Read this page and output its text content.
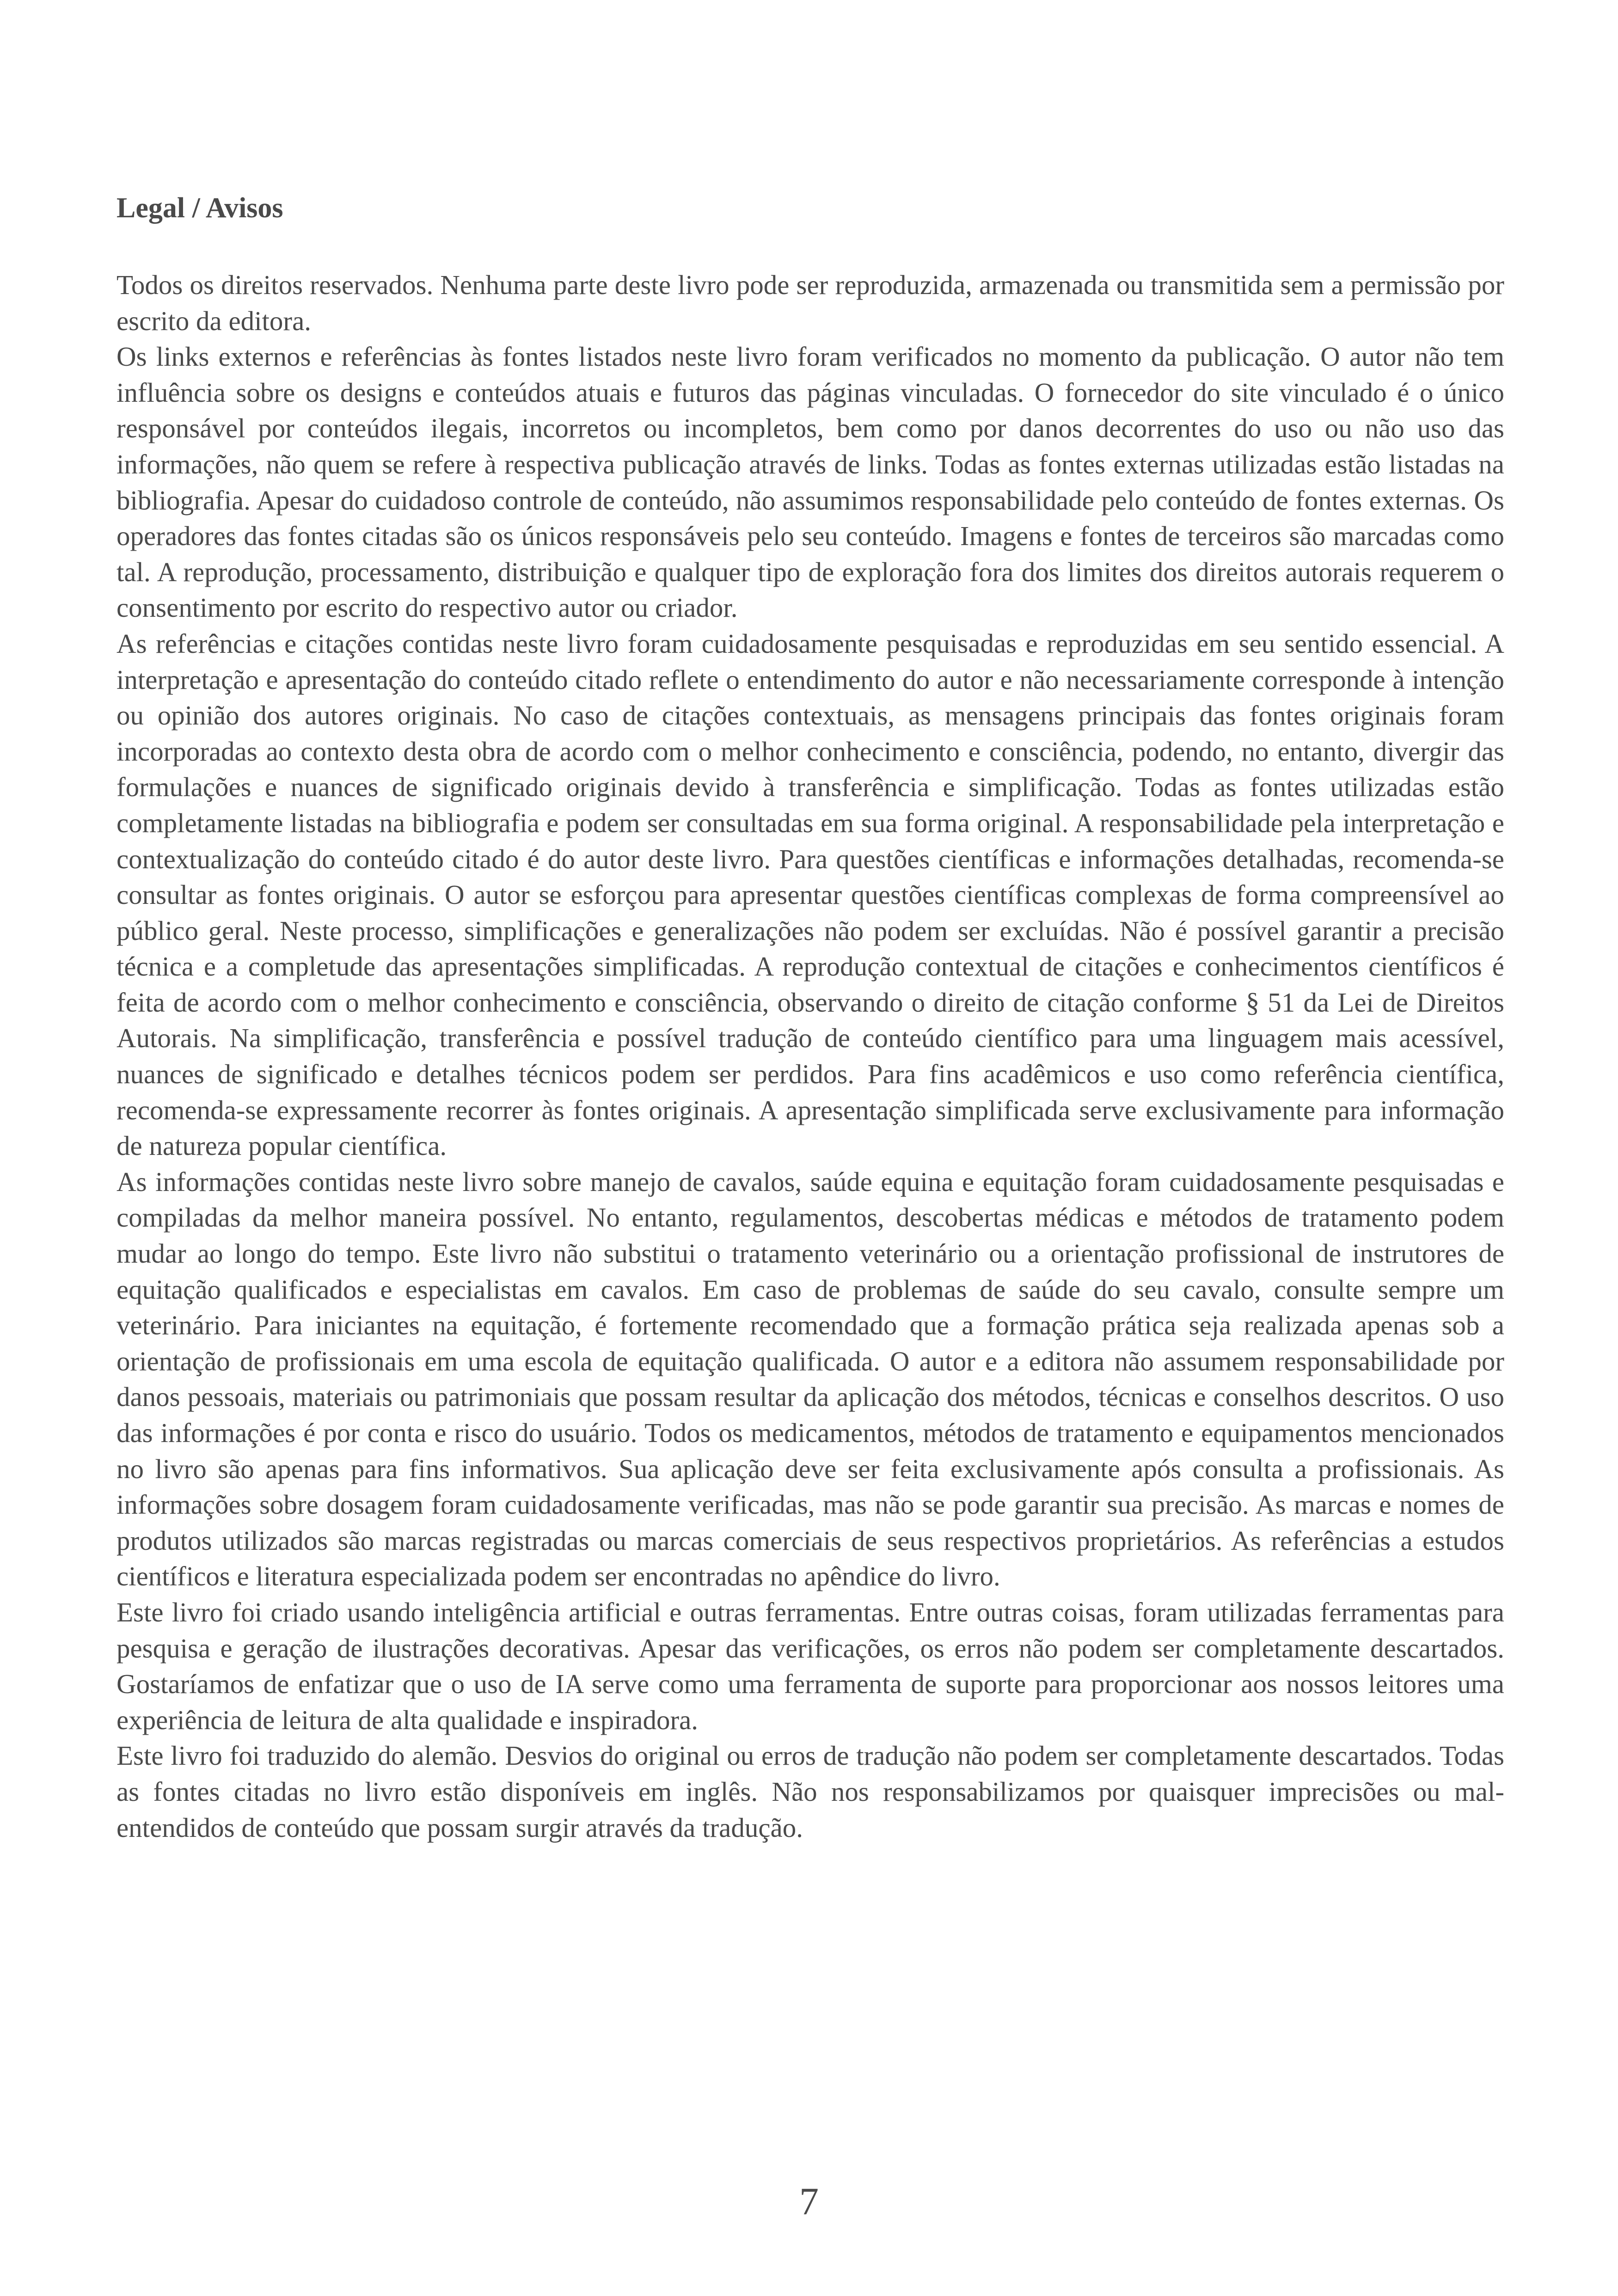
Legal / Avisos

Todos os direitos reservados. Nenhuma parte deste livro pode ser reproduzida, armazenada ou transmitida sem a permissão por escrito da editora.

Os links externos e referências às fontes listados neste livro foram verificados no momento da publicação. O autor não tem influência sobre os designs e conteúdos atuais e futuros das páginas vinculadas. O fornecedor do site vinculado é o único responsável por conteúdos ilegais, incorretos ou incompletos, bem como por danos decorrentes do uso ou não uso das informações, não quem se refere à respectiva publicação através de links. Todas as fontes externas utilizadas estão listadas na bibliografia. Apesar do cuidadoso controle de conteúdo, não assumimos responsabilidade pelo conteúdo de fontes externas. Os operadores das fontes citadas são os únicos responsáveis pelo seu conteúdo. Imagens e fontes de terceiros são marcadas como tal. A reprodução, processamento, distribuição e qualquer tipo de exploração fora dos limites dos direitos autorais requerem o consentimento por escrito do respectivo autor ou criador.

As referências e citações contidas neste livro foram cuidadosamente pesquisadas e reproduzidas em seu sentido essencial. A interpretação e apresentação do conteúdo citado reflete o entendimento do autor e não necessariamente corresponde à intenção ou opinião dos autores originais. No caso de citações contextuais, as mensagens principais das fontes originais foram incorporadas ao contexto desta obra de acordo com o melhor conhecimento e consciência, podendo, no entanto, divergir das formulações e nuances de significado originais devido à transferência e simplificação. Todas as fontes utilizadas estão completamente listadas na bibliografia e podem ser consultadas em sua forma original. A responsabilidade pela interpretação e contextualização do conteúdo citado é do autor deste livro. Para questões científicas e informações detalhadas, recomenda-se consultar as fontes originais. O autor se esforçou para apresentar questões científicas complexas de forma compreensível ao público geral. Neste processo, simplificações e generalizações não podem ser excluídas. Não é possível garantir a precisão técnica e a completude das apresentações simplificadas. A reprodução contextual de citações e conhecimentos científicos é feita de acordo com o melhor conhecimento e consciência, observando o direito de citação conforme § 51 da Lei de Direitos Autorais. Na simplificação, transferência e possível tradução de conteúdo científico para uma linguagem mais acessível, nuances de significado e detalhes técnicos podem ser perdidos. Para fins acadêmicos e uso como referência científica, recomenda-se expressamente recorrer às fontes originais. A apresentação simplificada serve exclusivamente para informação de natureza popular científica.

As informações contidas neste livro sobre manejo de cavalos, saúde equina e equitação foram cuidadosamente pesquisadas e compiladas da melhor maneira possível. No entanto, regulamentos, descobertas médicas e métodos de tratamento podem mudar ao longo do tempo. Este livro não substitui o tratamento veterinário ou a orientação profissional de instrutores de equitação qualificados e especialistas em cavalos. Em caso de problemas de saúde do seu cavalo, consulte sempre um veterinário. Para iniciantes na equitação, é fortemente recomendado que a formação prática seja realizada apenas sob a orientação de profissionais em uma escola de equitação qualificada. O autor e a editora não assumem responsabilidade por danos pessoais, materiais ou patrimoniais que possam resultar da aplicação dos métodos, técnicas e conselhos descritos. O uso das informações é por conta e risco do usuário. Todos os medicamentos, métodos de tratamento e equipamentos mencionados no livro são apenas para fins informativos. Sua aplicação deve ser feita exclusivamente após consulta a profissionais. As informações sobre dosagem foram cuidadosamente verificadas, mas não se pode garantir sua precisão. As marcas e nomes de produtos utilizados são marcas registradas ou marcas comerciais de seus respectivos proprietários. As referências a estudos científicos e literatura especializada podem ser encontradas no apêndice do livro.

Este livro foi criado usando inteligência artificial e outras ferramentas. Entre outras coisas, foram utilizadas ferramentas para pesquisa e geração de ilustrações decorativas. Apesar das verificações, os erros não podem ser completamente descartados. Gostaríamos de enfatizar que o uso de IA serve como uma ferramenta de suporte para proporcionar aos nossos leitores uma experiência de leitura de alta qualidade e inspiradora.

Este livro foi traduzido do alemão. Desvios do original ou erros de tradução não podem ser completamente descartados. Todas as fontes citadas no livro estão disponíveis em inglês. Não nos responsabilizamos por quaisquer imprecisões ou mal-entendidos de conteúdo que possam surgir através da tradução.

7
